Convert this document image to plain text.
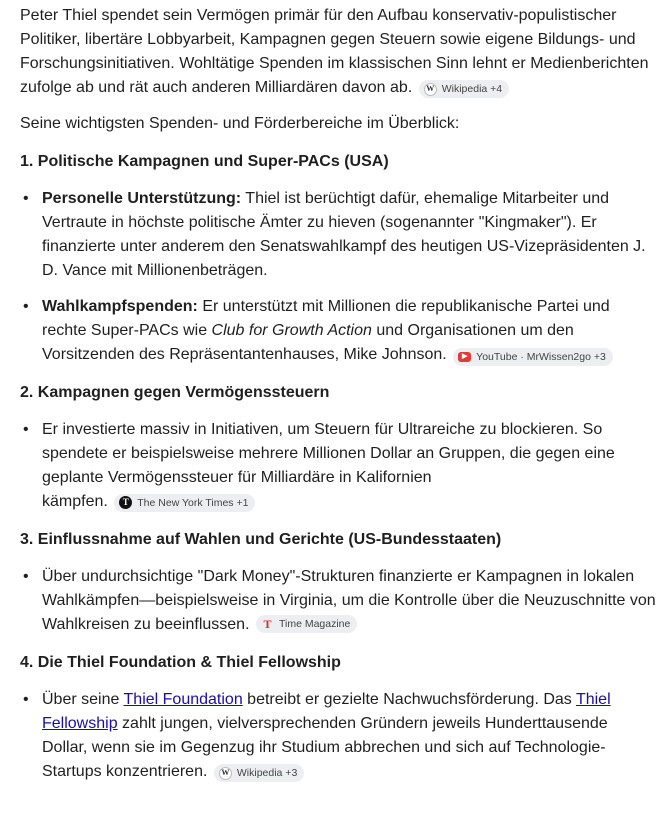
Peter Thiel spendet sein Vermögen primär für den Aufbau konservativ-populistischer Politiker, libertäre Lobbyarbeit, Kampagnen gegen Steuern sowie eigene Bildungs- und Forschungsinitiativen. Wohltätige Spenden im klassischen Sinn lehnt er Medienberichten zufolge ab und rät auch anderen Milliardären davon ab.	W Wikipedia +4

Seine wichtigsten Spenden- und Förderbereiche im Überblick:

1. Politische Kampagnen und Super-PACs (USA)
• Personelle Unterstützung: Thiel ist berüchtigt dafür, ehemalige Mitarbeiter und Vertraute in höchste politische Ämter zu hieven (sogenannter "Kingmaker"). Er finanzierte unter anderem den Senatswahlkampf des heutigen US-Vizepräsidenten J. D. Vance mit Millionenbeträgen.
• Wahlkampfspenden: Er unterstützt mit Millionen die republikanische Partei und rechte Super-PACs wie Club for Growth Action und Organisationen um den Vorsitzenden des Repräsentantenhauses, Mike Johnson.	▶ YouTube · MrWissen2go +3
2. Kampagnen gegen Vermögenssteuern
• Er investierte massiv in Initiativen, um Steuern für Ultrareiche zu blockieren. So spendete er beispielsweise mehrere Millionen Dollar an Gruppen, die gegen eine geplante Vermögenssteuer für Milliardäre in Kalifornien
kämpfen.	T The New York Times +1
3. Einflussnahme auf Wahlen und Gerichte (US-Bundesstaaten)
• Über undurchsichtige "Dark Money"-Strukturen finanzierte er Kampagnen in lokalen Wahlkämpfen—beispielsweise in Virginia, um die Kontrolle über die Neuzuschnitte von Wahlkreisen zu beeinflussen. T Time Magazine
4. Die Thiel Foundation & Thiel Fellowship
• Über seine Thiel Foundation betreibt er gezielte Nachwuchsförderung. Das Thiel Fellowship zahlt jungen, vielversprechenden Gründern jeweils Hunderttausende Dollar, wenn sie im Gegenzug ihr Studium abbrechen und sich auf Technologie-Startups konzentrieren.	W Wikipedia +3
